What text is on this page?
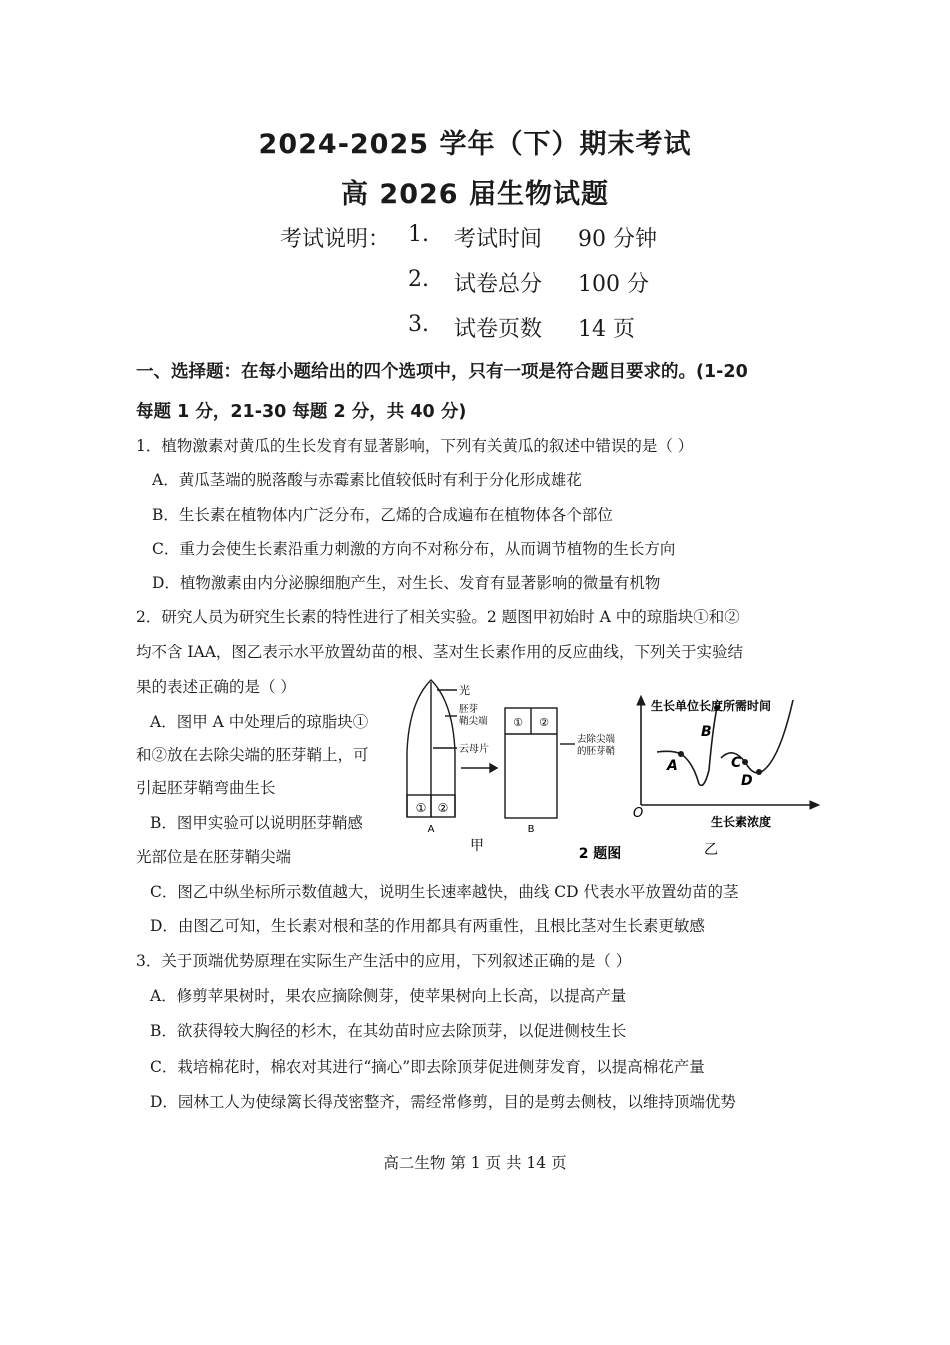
2024-2025 学年（下）期末考试
高 2026 届生物试题
考试说明： 1. 考试时间 90 分钟
2. 试卷总分 100 分
3. 试卷页数 14 页
一、选择题：在每小题给出的四个选项中，只有一项是符合题目要求的。(1-20
每题 1 分，21-30 每题 2 分，共 40 分)
1．植物激素对黄瓜的生长发育有显著影响，下列有关黄瓜的叙述中错误的是（ ）
A．黄瓜茎端的脱落酸与赤霉素比值较低时有利于分化形成雄花
B．生长素在植物体内广泛分布，乙烯的合成遍布在植物体各个部位
C．重力会使生长素沿重力刺激的方向不对称分布，从而调节植物的生长方向
D．植物激素由内分泌腺细胞产生，对生长、发育有显著影响的微量有机物
2．研究人员为研究生长素的特性进行了相关实验。2 题图甲初始时 A 中的琼脂块①和②
均不含 IAA，图乙表示水平放置幼苗的根、茎对生长素作用的反应曲线，下列关于实验结
果的表述正确的是（ ）
A．图甲 A 中处理后的琼脂块①
和②放在去除尖端的胚芽鞘上，可
引起胚芽鞘弯曲生长
B．图甲实验可以说明胚芽鞘感
光部位是在胚芽鞘尖端
C．图乙中纵坐标所示数值越大，说明生长速率越快，曲线 CD 代表水平放置幼苗的茎
D．由图乙可知，生长素对根和茎的作用都具有两重性，且根比茎对生长素更敏感
① ②
① ②
光
胚芽
鞘尖端
云母片
去除尖端
的胚芽鞘
A	B
甲	2 题图
生长单位长度所需时间
生长素浓度
O
A
B
C
D
乙
3．关于顶端优势原理在实际生产生活中的应用，下列叙述正确的是（ ）
A．修剪苹果树时，果农应摘除侧芽，使苹果树向上长高，以提高产量
B．欲获得较大胸径的杉木，在其幼苗时应去除顶芽，以促进侧枝生长
C．栽培棉花时，棉农对其进行“摘心”即去除顶芽促进侧芽发育，以提高棉花产量
D．园林工人为使绿篱长得茂密整齐，需经常修剪，目的是剪去侧枝，以维持顶端优势
高二生物 第 1 页 共 14 页
